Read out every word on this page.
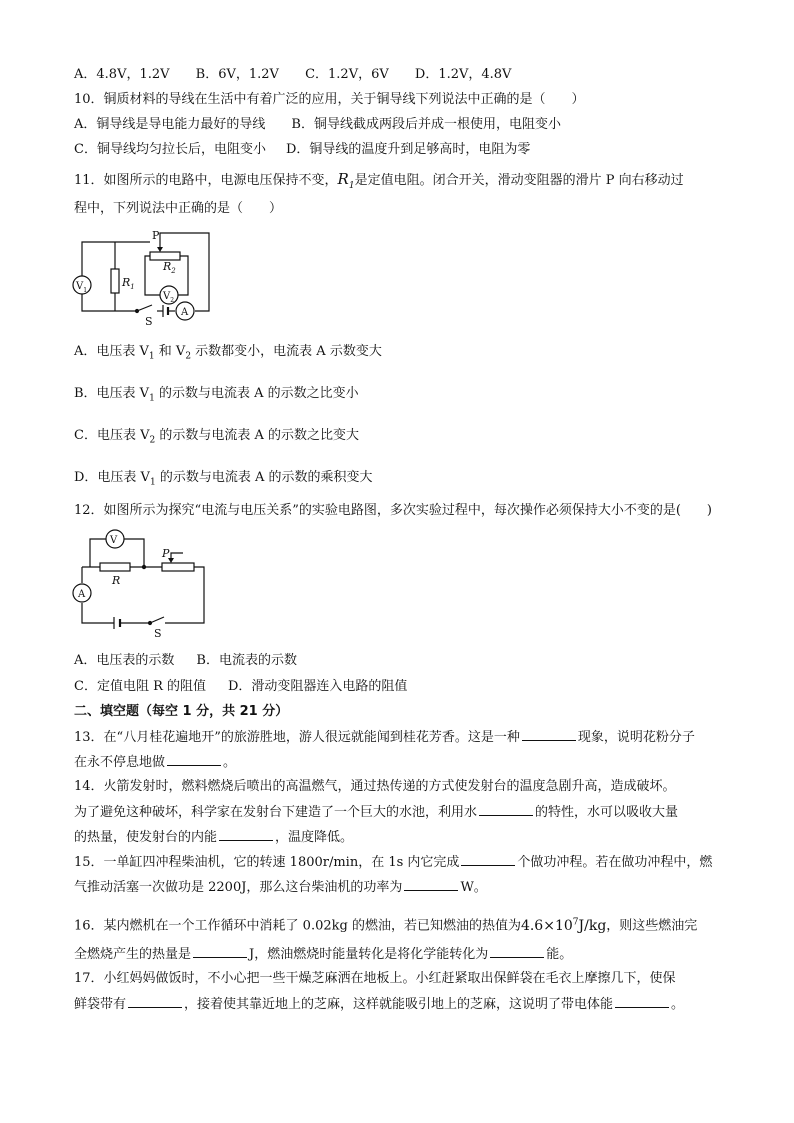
A．4.8V，1.2V B．6V，1.2V C．1.2V，6V D．1.2V，4.8V
10．铜质材料的导线在生活中有着广泛的应用，关于铜导线下列说法中正确的是（　　）
A．铜导线是导电能力最好的导线 B．铜导线截成两段后并成一根使用，电阻变小
C．铜导线均匀拉长后，电阻变小 D．铜导线的温度升到足够高时，电阻为零
11．如图所示的电路中，电源电压保持不变，$R_1$是定值电阻。闭合开关，滑动变阻器的滑片 P 向右移动过
程中，下列说法中正确的是（　　）
P
$R_2$
$R_1$
$V_1$
$V_2$
A
S
A．电压表 $V_1$ 和 $V_2$ 示数都变小，电流表 A 示数变大
B．电压表 $V_1$ 的示数与电流表 A 的示数之比变小
C．电压表 $V_2$ 的示数与电流表 A 的示数之比变大
D．电压表 $V_1$ 的示数与电流表 A 的示数的乘积变大
12．如图所示为探究“电流与电压关系”的实验电路图，多次实验过程中，每次操作必须保持大小不变的是(　　)
V
P
R
A
S
A．电压表的示数 B．电流表的示数
C．定值电阻 R 的阻值 D．滑动变阻器连入电路的阻值
二、填空题（每空 1 分，共 21 分）
13．在“八月桂花遍地开”的旅游胜地，游人很远就能闻到桂花芳香。这是一种	现象，说明花粉分子
在永不停息地做	。
14．火箭发射时，燃料燃烧后喷出的高温燃气，通过热传递的方式使发射台的温度急剧升高，造成破坏。
为了避免这种破坏，科学家在发射台下建造了一个巨大的水池，利用水	的特性，水可以吸收大量
的热量，使发射台的内能	，温度降低。
15．一单缸四冲程柴油机，它的转速 1800r/min，在 1s 内它完成	个做功冲程。若在做功冲程中，燃
气推动活塞一次做功是 2200J，那么这台柴油机的功率为	W。
16．某内燃机在一个工作循环中消耗了 0.02kg 的燃油，若已知燃油的热值为$4.6\times 10^7J/kg$，则这些燃油完
全燃烧产生的热量是	J，燃油燃烧时能量转化是将化学能转化为	能。
17．小红妈妈做饭时，不小心把一些干燥芝麻洒在地板上。小红赶紧取出保鲜袋在毛衣上摩擦几下，使保
鲜袋带有	，接着使其靠近地上的芝麻，这样就能吸引地上的芝麻，这说明了带电体能	。
